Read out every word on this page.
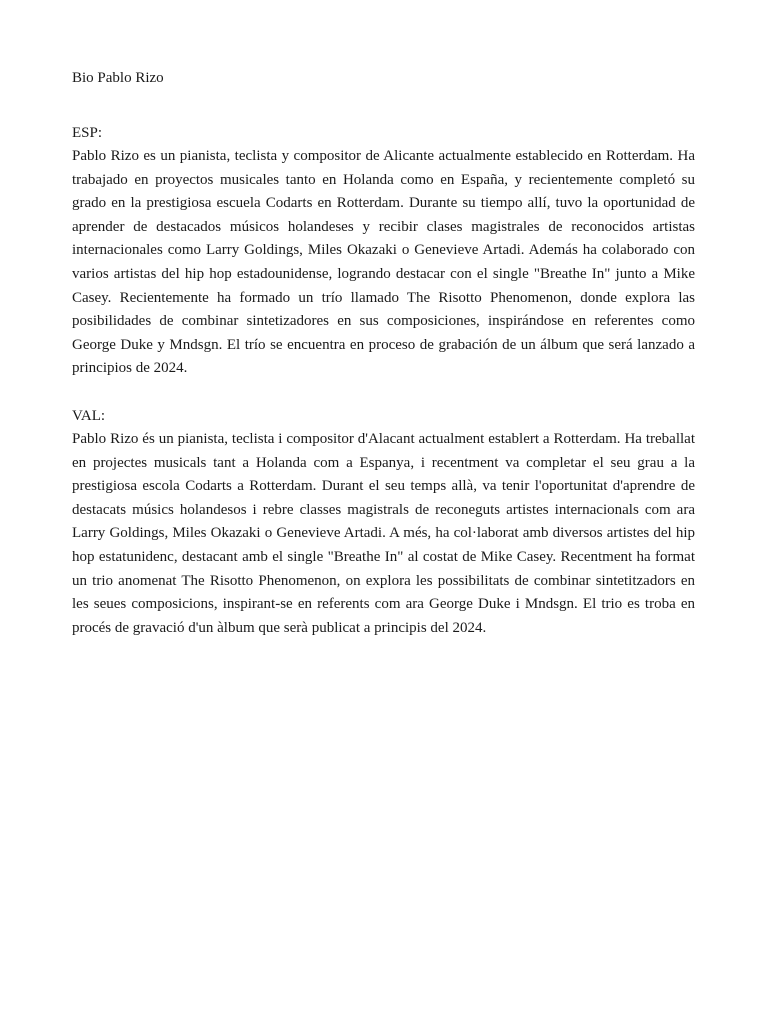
Bio Pablo Rizo

ESP:

Pablo Rizo es un pianista, teclista y compositor de Alicante actualmente establecido en Rotterdam. Ha trabajado en proyectos musicales tanto en Holanda como en España, y recientemente completó su grado en la prestigiosa escuela Codarts en Rotterdam. Durante su tiempo allí, tuvo la oportunidad de aprender de destacados músicos holandeses y recibir clases magistrales de reconocidos artistas internacionales como Larry Goldings, Miles Okazaki o Genevieve Artadi. Además ha colaborado con varios artistas del hip hop estadounidense, logrando destacar con el single "Breathe In" junto a Mike Casey. Recientemente ha formado un trío llamado The Risotto Phenomenon, donde explora las posibilidades de combinar sintetizadores en sus composiciones, inspirándose en referentes como George Duke y Mndsgn. El trío se encuentra en proceso de grabación de un álbum que será lanzado a principios de 2024.

VAL:

Pablo Rizo és un pianista, teclista i compositor d'Alacant actualment establert a Rotterdam. Ha treballat en projectes musicals tant a Holanda com a Espanya, i recentment va completar el seu grau a la prestigiosa escola Codarts a Rotterdam. Durant el seu temps allà, va tenir l'oportunitat d'aprendre de destacats músics holandesos i rebre classes magistrals de reconeguts artistes internacionals com ara Larry Goldings, Miles Okazaki o Genevieve Artadi. A més, ha col·laborat amb diversos artistes del hip hop estatunidenc, destacant amb el single "Breathe In" al costat de Mike Casey. Recentment ha format un trio anomenat The Risotto Phenomenon, on explora les possibilitats de combinar sintetitzadors en les seues composicions, inspirant-se en referents com ara George Duke i Mndsgn. El trio es troba en procés de gravació d'un àlbum que serà publicat a principis del 2024.
